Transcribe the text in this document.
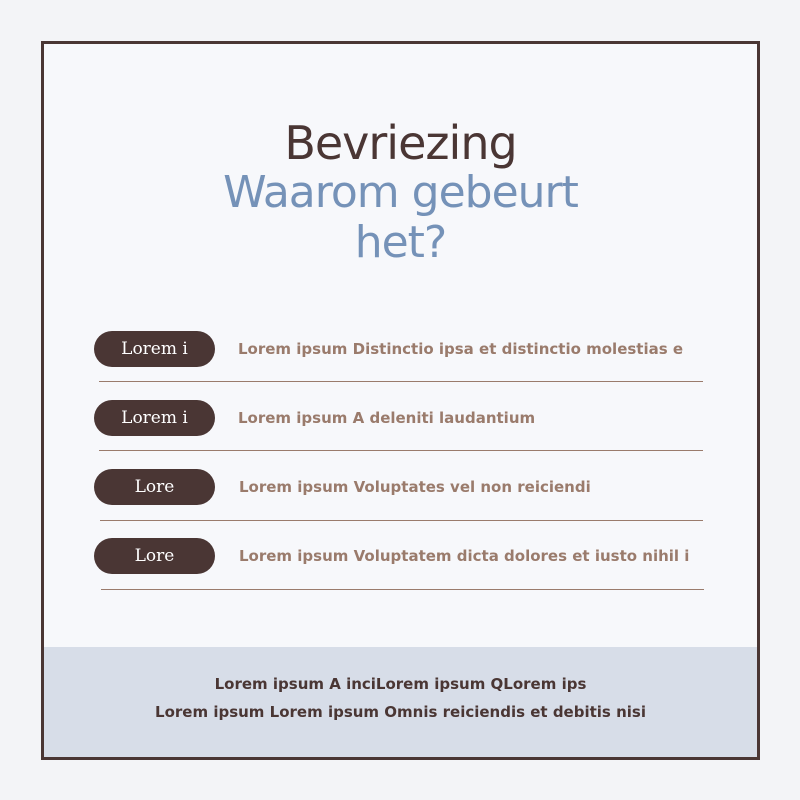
Bevriezing
Waarom gebeurt het?
Lorem i	Lorem ipsum Distinctio ipsa et distinctio molestias e
Lorem i	Lorem ipsum A deleniti laudantium
Lore	Lorem ipsum Voluptates vel non reiciendi
Lore	Lorem ipsum Voluptatem dicta dolores et iusto nihil i
Lorem ipsum A inciLorem ipsum QLorem ips
Lorem ipsum Lorem ipsum Omnis reiciendis et debitis nisi
